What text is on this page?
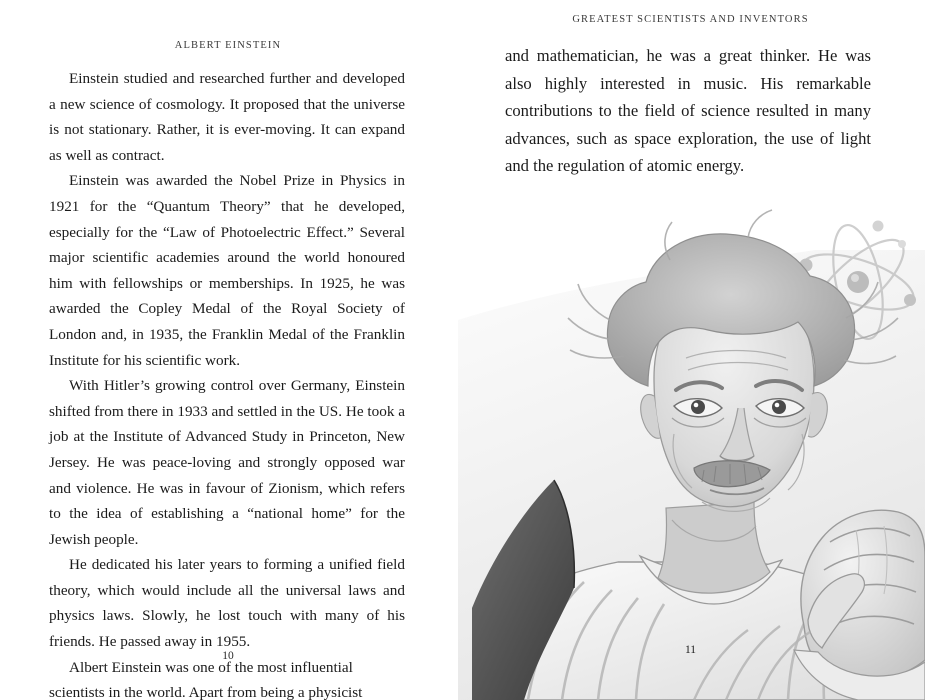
ALBERT EINSTEIN

Einstein studied and researched further and developed a new science of cosmology. It proposed that the universe is not stationary. Rather, it is ever-moving. It can expand as well as contract.

Einstein was awarded the Nobel Prize in Physics in 1921 for the “Quantum Theory” that he developed, especially for the “Law of Photoelectric Effect.” Several major scientific academies around the world honoured him with fellowships or memberships. In 1925, he was awarded the Copley Medal of the Royal Society of London and, in 1935, the Franklin Medal of the Franklin Institute for his scientific work.

With Hitler’s growing control over Germany, Einstein shifted from there in 1933 and settled in the US. He took a job at the Institute of Advanced Study in Princeton, New Jersey. He was peace-loving and strongly opposed war and violence. He was in favour of Zionism, which refers to the idea of establishing a “national home” for the Jewish people.

He dedicated his later years to forming a unified field theory, which would include all the universal laws and physics laws. Slowly, he lost touch with many of his friends. He passed away in 1955.

Albert Einstein was one of the most influential scientists in the world. Apart from being a physicist

10
GREATEST SCIENTISTS AND INVENTORS

and mathematician, he was a great thinker. He was also highly interested in music. His remarkable contributions to the field of science resulted in many advances, such as space exploration, the use of light and the regulation of atomic energy.

11
